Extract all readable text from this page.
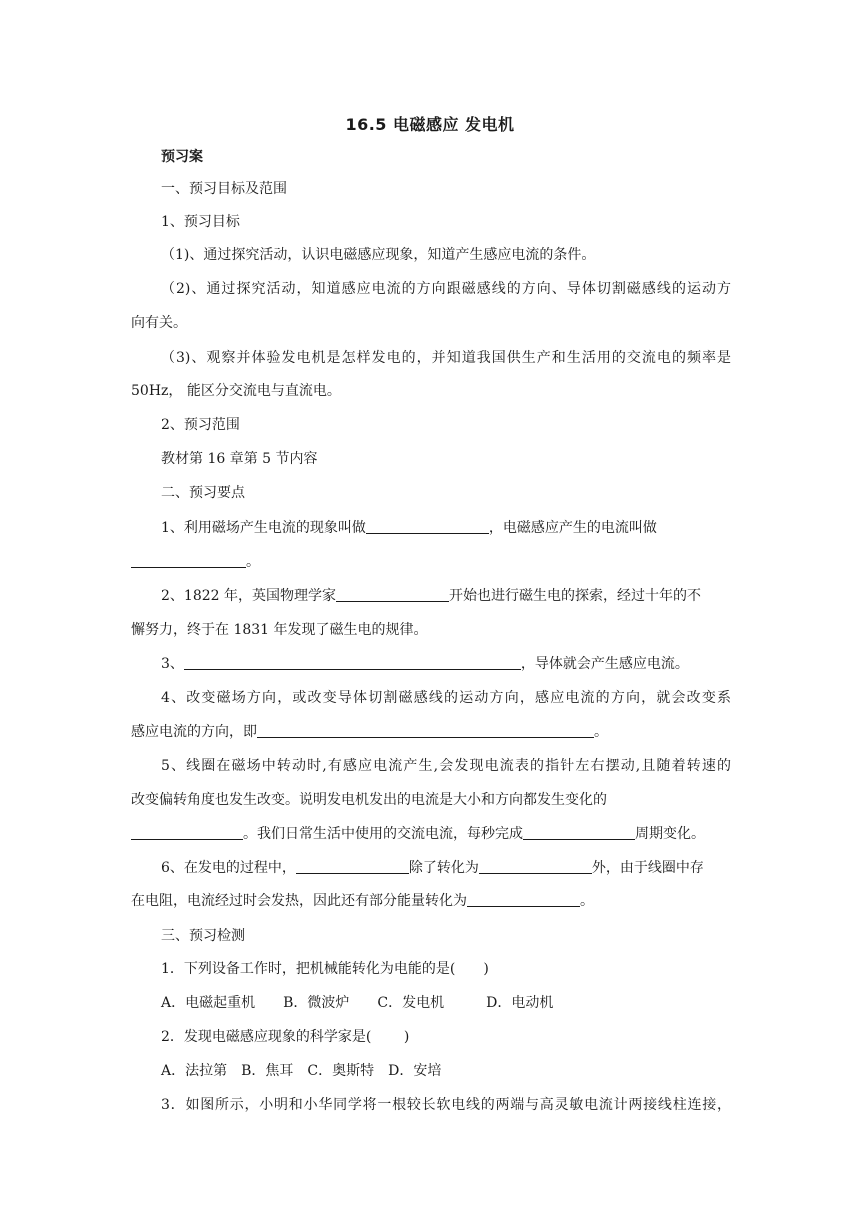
16.5 电磁感应 发电机
预习案
一、预习目标及范围
1、预习目标
（1)、通过探究活动，认识电磁感应现象，知道产生感应电流的条件。
（2)、通过探究活动，知道感应电流的方向跟磁感线的方向、导体切割磁感线的运动方
向有关。
（3)、观察并体验发电机是怎样发电的，并知道我国供生产和生活用的交流电的频率是
50Hz， 能区分交流电与直流电。
2、预习范围
教材第 16 章第 5 节内容
二、预习要点
1、利用磁场产生电流的现象叫做	，电磁感应产生的电流叫做
。
2、1822 年，英国物理学家	开始也进行磁生电的探索，经过十年的不
懈努力，终于在 1831 年发现了磁生电的规律。
3、	，导体就会产生感应电流。
4、改变磁场方向，或改变导体切割磁感线的运动方向，感应电流的方向，就会改变系
感应电流的方向，即	。
5、线圈在磁场中转动时,有感应电流产生,会发现电流表的指针左右摆动,且随着转速的
改变偏转角度也发生改变。说明发电机发出的电流是大小和方向都发生变化的
。我们日常生活中使用的交流电流，每秒完成	周期变化。
6、在发电的过程中，	除了转化为	外，由于线圈中存
在电阻，电流经过时会发热，因此还有部分能量转化为	。
三、预习检测
1．下列设备工作时，把机械能转化为电能的是(　　)
A．电磁起重机　　B．微波炉　　C．发电机　　　D．电动机
2．发现电磁感应现象的科学家是(　　 )
A．法拉第　B．焦耳　C．奥斯特　D．安培
3．如图所示，小明和小华同学将一根较长软电线的两端与高灵敏电流计两接线柱连接，
